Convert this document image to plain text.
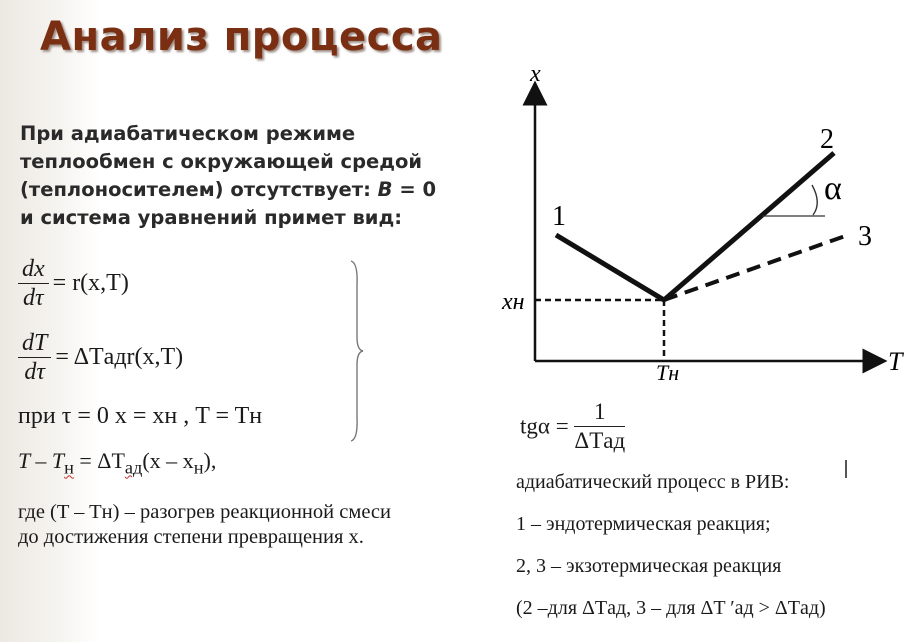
Анализ процесса
При адиабатическом режиме
теплообмен с окружающей средой
(теплоносителем) отсутствует: B = 0
и система уравнений примет вид:
$\frac{dx}{d\tau} = r(x,T)$
$\frac{dT}{d\tau}$ = ΔTадr(x,T)
при τ = 0 x = xн , T = Tн
$T - T_н = \Delta T_{ад}(x - x_н)$,
где (T – Tн) – разогрев реакционной смеси
до достижения степени превращения x.
x
T
xн
Tн
1
2
3
α
$tg\alpha = \frac{1}{\text{ΔTад}}$
адиабатический процесс в РИВ:
1 – эндотермическая реакция;
2, 3 – экзотермическая реакция
(2 –для ΔTад, 3 – для ΔT ′ад > ΔTад)
